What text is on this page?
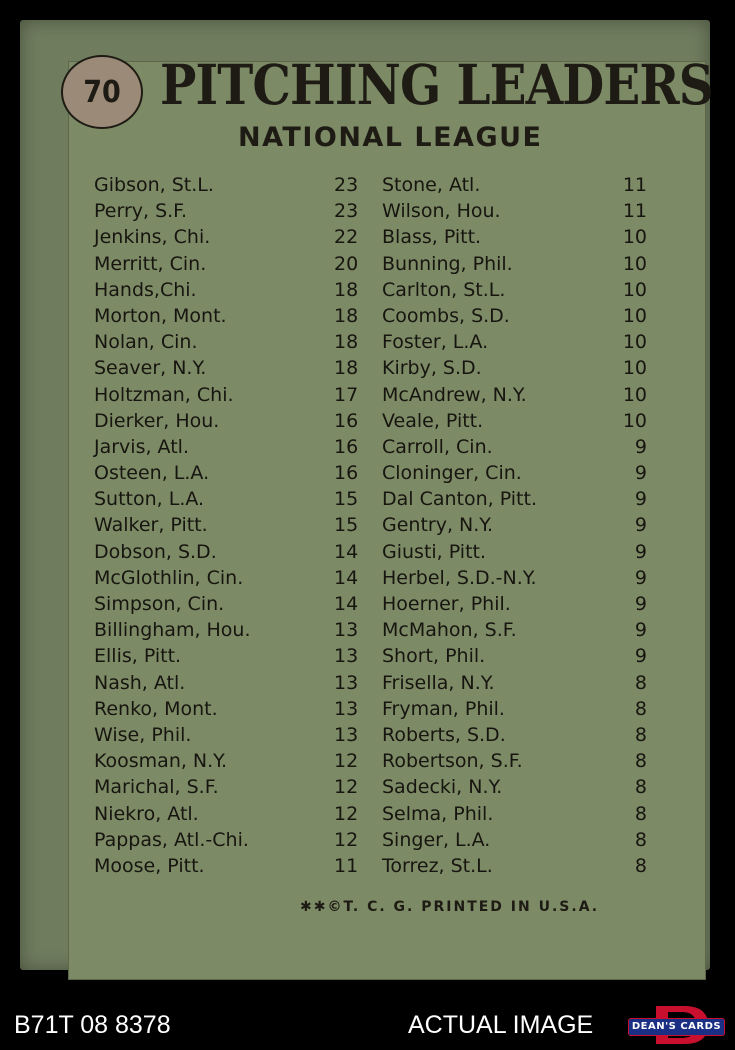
70 PITCHING LEADERS
NATIONAL LEAGUE
Gibson, St.L.	23 Stone, Atl.	11
Perry, S.F.	23 Wilson, Hou.	11
Jenkins, Chi.	22 Blass, Pitt.	10
Merritt, Cin.	20 Bunning, Phil.	10
Hands,Chi.	18 Carlton, St.L.	10
Morton, Mont.	18 Coombs, S.D.	10
Nolan, Cin.	18 Foster, L.A.	10
Seaver, N.Y.	18 Kirby, S.D.	10
Holtzman, Chi.	17 McAndrew, N.Y.	10
Dierker, Hou.	16 Veale, Pitt.	10
Jarvis, Atl.	16 Carroll, Cin.	9
Osteen, L.A.	16 Cloninger, Cin.	9
Sutton, L.A.	15 Dal Canton, Pitt.	9
Walker, Pitt.	15 Gentry, N.Y.	9
Dobson, S.D.	14 Giusti, Pitt.	9
McGlothlin, Cin.	14 Herbel, S.D.-N.Y.	9
Simpson, Cin.	14 Hoerner, Phil.	9
Billingham, Hou.	13 McMahon, S.F.	9
Ellis, Pitt.	13 Short, Phil.	9
Nash, Atl.	13 Frisella, N.Y.	8
Renko, Mont.	13 Fryman, Phil.	8
Wise, Phil.	13 Roberts, S.D.	8
Koosman, N.Y.	12 Robertson, S.F.	8
Marichal, S.F.	12 Sadecki, N.Y.	8
Niekro, Atl.	12 Selma, Phil.	8
Pappas, Atl.-Chi.	12 Singer, L.A.	8
Moose, Pitt.	11 Torrez, St.L.	8
✱✱©T. C. G. PRINTED IN U.S.A.
B71T 08 8378	ACTUAL IMAGE	DEAN'S CARDS
